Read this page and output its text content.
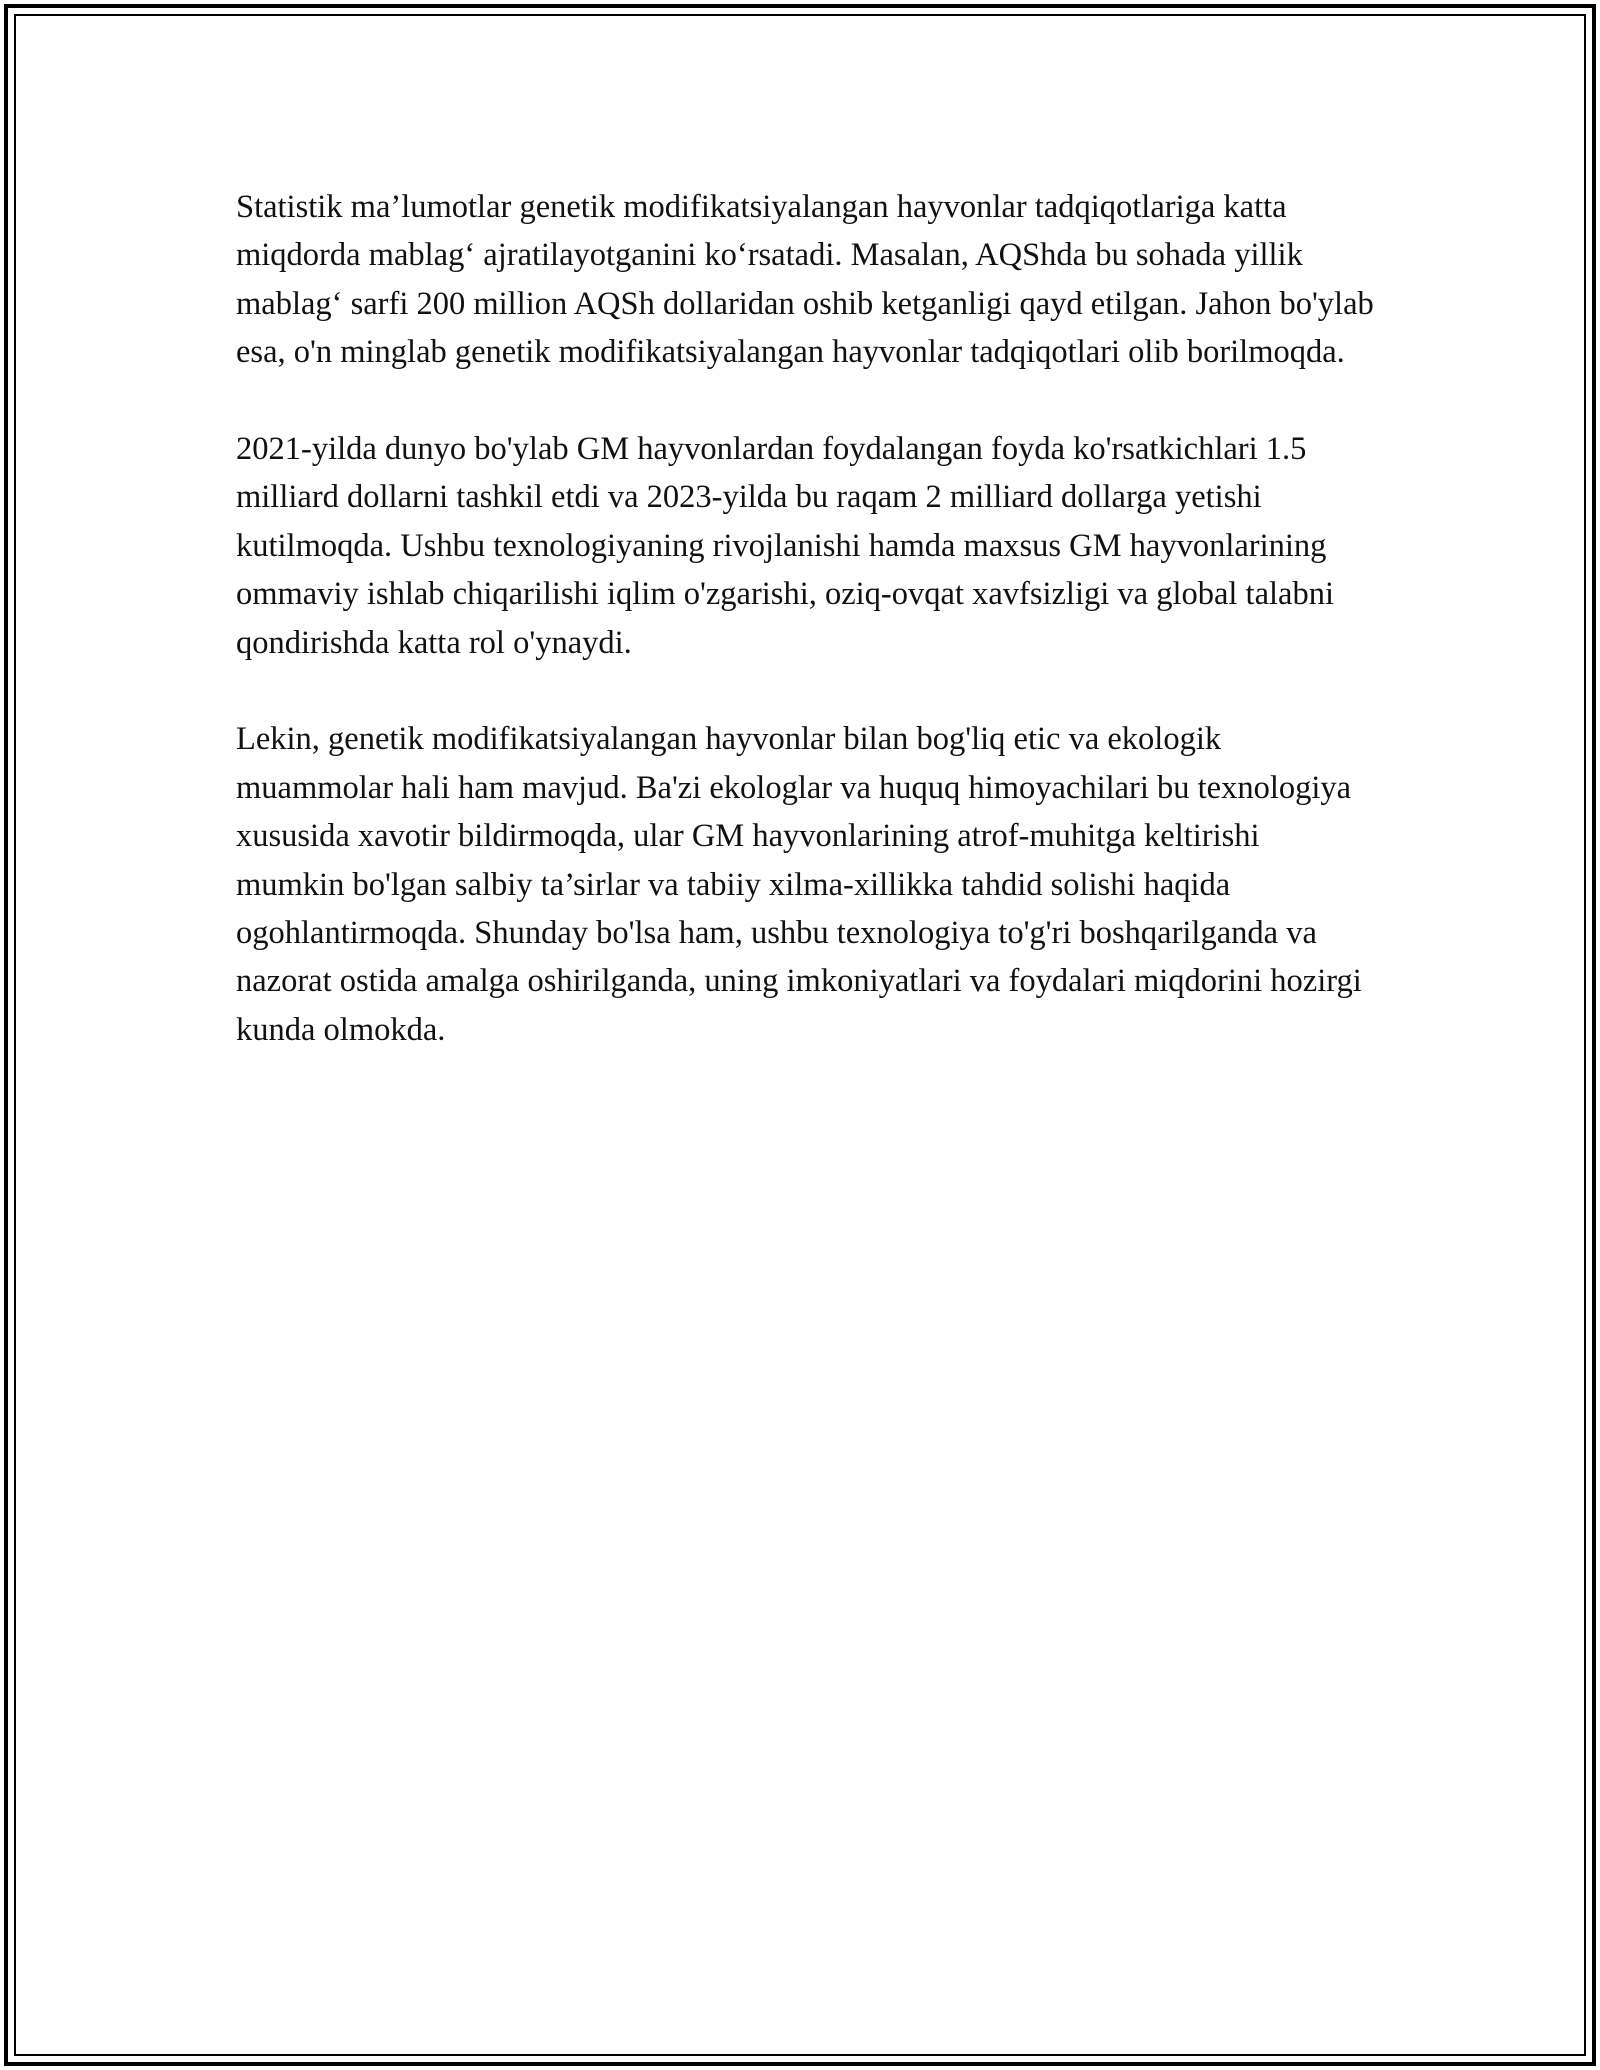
Statistik ma’lumotlar genetik modifikatsiyalangan hayvonlar tadqiqotlariga katta miqdorda mablag‘ ajratilayotganini ko‘rsatadi. Masalan, AQShda bu sohada yillik mablag‘ sarfi 200 million AQSh dollaridan oshib ketganligi qayd etilgan. Jahon bo'ylab esa, o'n minglab genetik modifikatsiyalangan hayvonlar tadqiqotlari olib borilmoqda.

2021-yilda dunyo bo'ylab GM hayvonlardan foydalangan foyda ko'rsatkichlari 1.5 milliard dollarni tashkil etdi va 2023-yilda bu raqam 2 milliard dollarga yetishi kutilmoqda. Ushbu texnologiyaning rivojlanishi hamda maxsus GM hayvonlarining ommaviy ishlab chiqarilishi iqlim o'zgarishi, oziq-ovqat xavfsizligi va global talabni qondirishda katta rol o'ynaydi.

Lekin, genetik modifikatsiyalangan hayvonlar bilan bog'liq etic va ekologik muammolar hali ham mavjud. Ba'zi ekologlar va huquq himoyachilari bu texnologiya xususida xavotir bildirmoqda, ular GM hayvonlarining atrof-muhitga keltirishi mumkin bo'lgan salbiy ta’sirlar va tabiiy xilma-xillikka tahdid solishi haqida ogohlantirmoqda. Shunday bo'lsa ham, ushbu texnologiya to'g'ri boshqarilganda va nazorat ostida amalga oshirilganda, uning imkoniyatlari va foydalari miqdorini hozirgi kunda olmokda.
